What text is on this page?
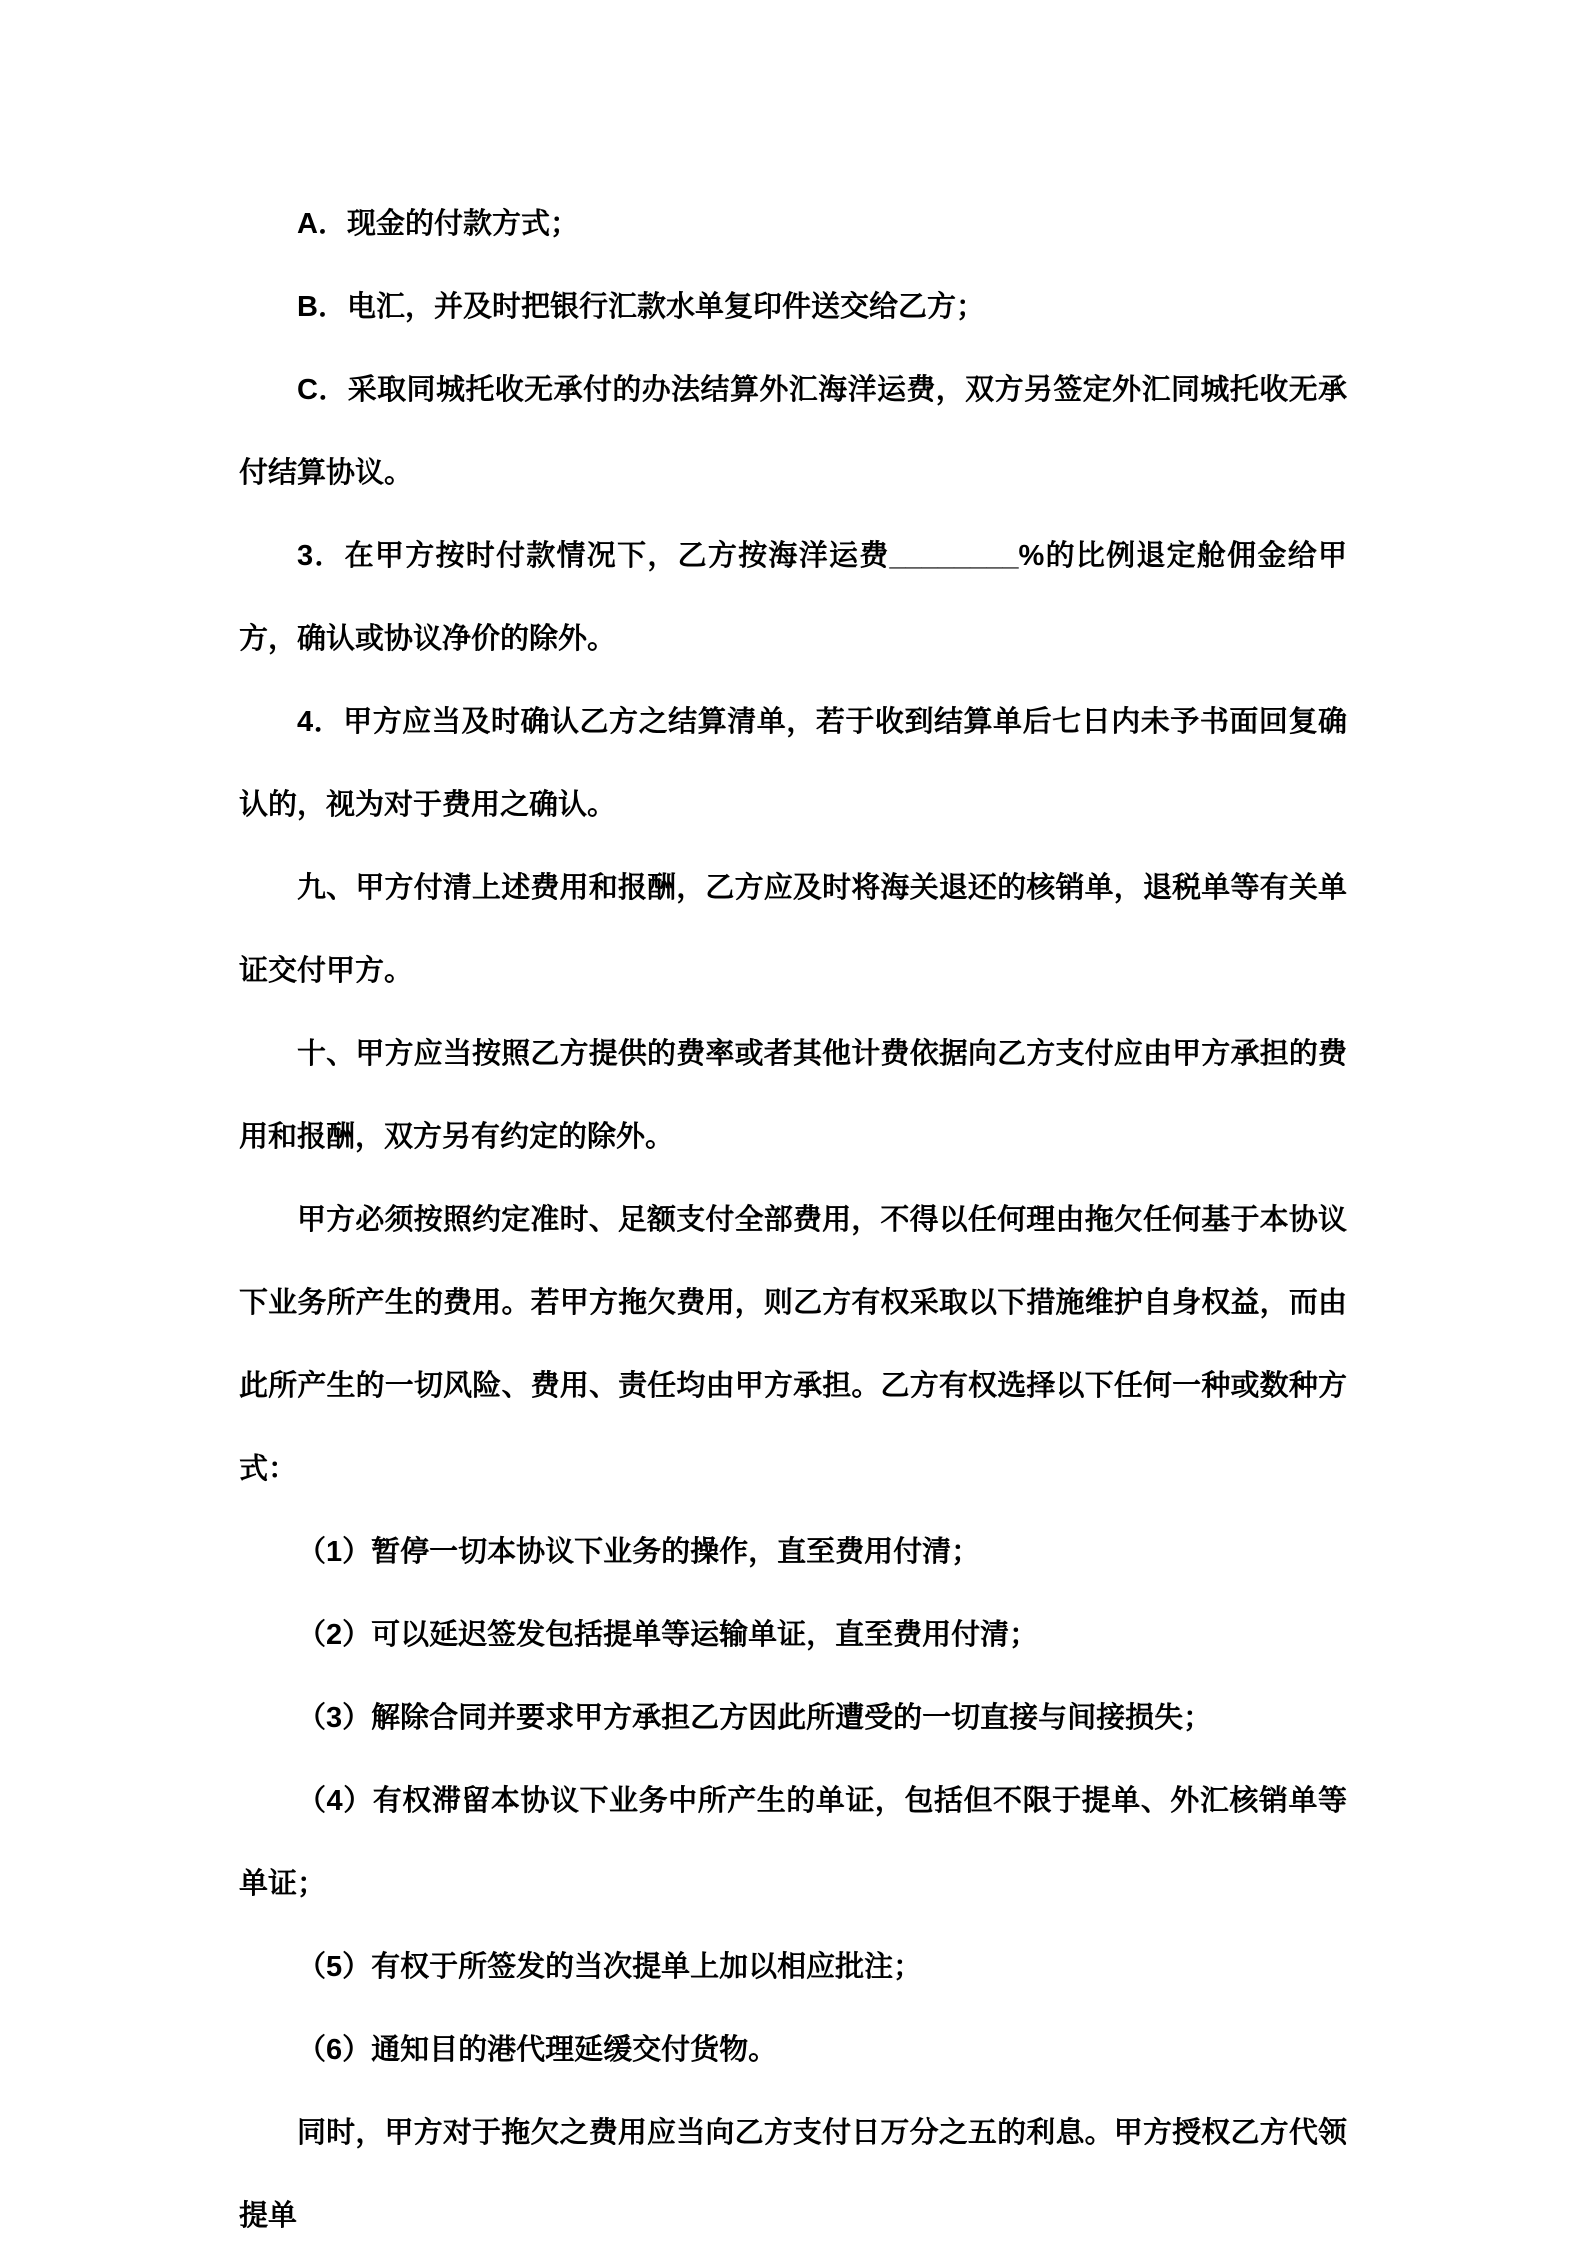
A．现金的付款方式；

B．电汇，并及时把银行汇款水单复印件送交给乙方；

C．采取同城托收无承付的办法结算外汇海洋运费，双方另签定外汇同城托收无承付结算协议。

3．在甲方按时付款情况下，乙方按海洋运费________%的比例退定舱佣金给甲方，确认或协议净价的除外。

4．甲方应当及时确认乙方之结算清单，若于收到结算单后七日内未予书面回复确认的，视为对于费用之确认。

九、甲方付清上述费用和报酬，乙方应及时将海关退还的核销单，退税单等有关单证交付甲方。

十、甲方应当按照乙方提供的费率或者其他计费依据向乙方支付应由甲方承担的费用和报酬，双方另有约定的除外。

甲方必须按照约定准时、足额支付全部费用，不得以任何理由拖欠任何基于本协议下业务所产生的费用。若甲方拖欠费用，则乙方有权采取以下措施维护自身权益，而由此所产生的一切风险、费用、责任均由甲方承担。乙方有权选择以下任何一种或数种方式：

（1）暂停一切本协议下业务的操作，直至费用付清；

（2）可以延迟签发包括提单等运输单证，直至费用付清；

（3）解除合同并要求甲方承担乙方因此所遭受的一切直接与间接损失；

（4）有权滞留本协议下业务中所产生的单证，包括但不限于提单、外汇核销单等单证；

（5）有权于所签发的当次提单上加以相应批注；

（6）通知目的港代理延缓交付货物。

同时，甲方对于拖欠之费用应当向乙方支付日万分之五的利息。甲方授权乙方代领提单
